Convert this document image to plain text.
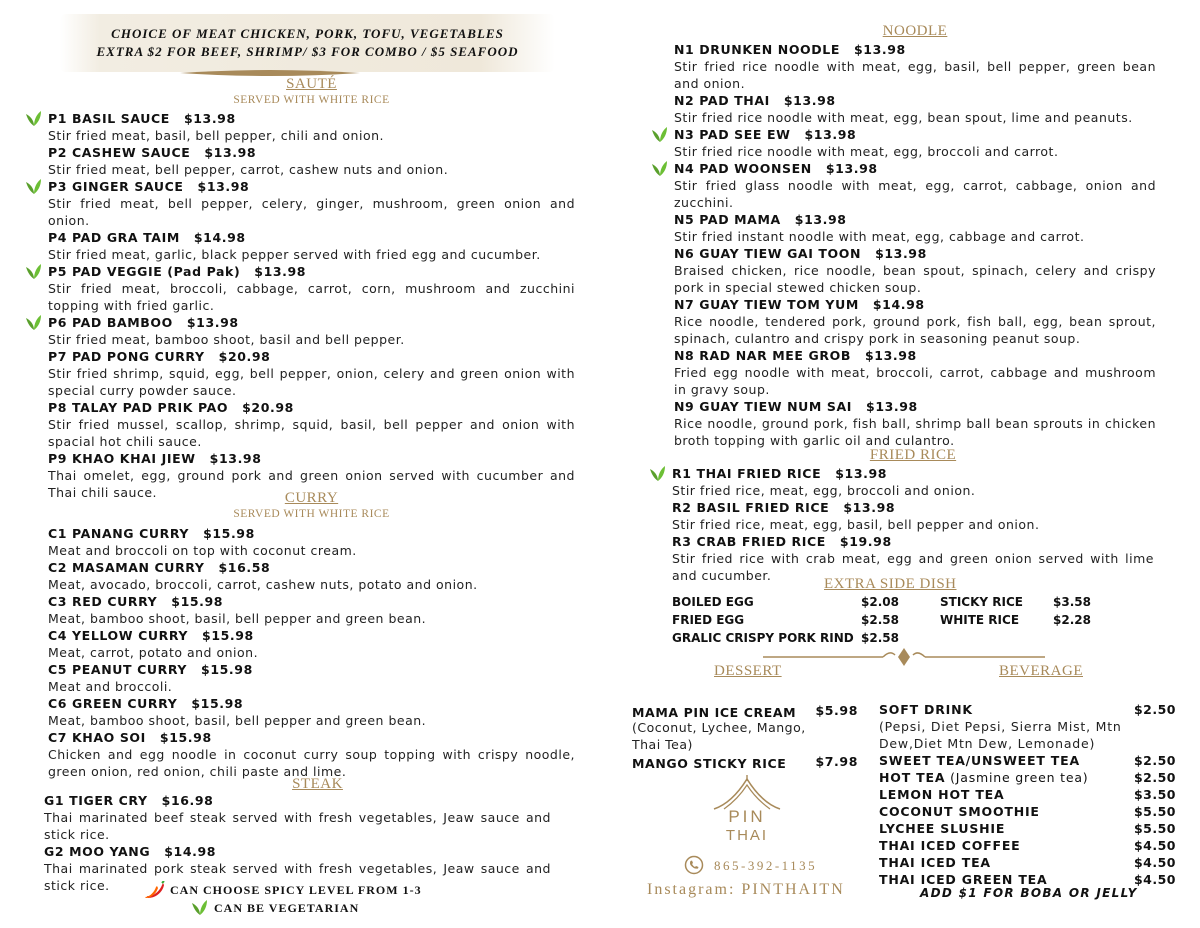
CHOICE OF MEAT CHICKEN, PORK, TOFU, VEGETABLES
EXTRA $2 FOR BEEF, SHRIMP/ $3 FOR COMBO / $5 SEAFOOD
SAUTÉ
SERVED WITH WHITE RICE
P1 BASIL SAUCE $13.98
Stir fried meat, basil, bell pepper, chili and onion.
P2 CASHEW SAUCE $13.98
Stir fried meat, bell pepper, carrot, cashew nuts and onion.
P3 GINGER SAUCE $13.98
Stir fried meat, bell pepper, celery, ginger, mushroom, green onion and onion.
P4 PAD GRA TAIM $14.98
Stir fried meat, garlic, black pepper served with fried egg and cucumber.
P5 PAD VEGGIE (Pad Pak) $13.98
Stir fried meat, broccoli, cabbage, carrot, corn, mushroom and zucchini topping with fried garlic.
P6 PAD BAMBOO $13.98
Stir fried meat, bamboo shoot, basil and bell pepper.
P7 PAD PONG CURRY $20.98
Stir fried shrimp, squid, egg, bell pepper, onion, celery and green onion with special curry powder sauce.
P8 TALAY PAD PRIK PAO $20.98
Stir fried mussel, scallop, shrimp, squid, basil, bell pepper and onion with spacial hot chili sauce.
P9 KHAO KHAI JIEW $13.98
Thai omelet, egg, ground pork and green onion served with cucumber and Thai chili sauce.	CURRY
SERVED WITH WHITE RICE
C1 PANANG CURRY $15.98
Meat and broccoli on top with coconut cream.
C2 MASAMAN CURRY $16.58
Meat, avocado, broccoli, carrot, cashew nuts, potato and onion.
C3 RED CURRY $15.98
Meat, bamboo shoot, basil, bell pepper and green bean.
C4 YELLOW CURRY $15.98
Meat, carrot, potato and onion.
C5 PEANUT CURRY $15.98
Meat and broccoli.
C6 GREEN CURRY $15.98
Meat, bamboo shoot, basil, bell pepper and green bean.
C7 KHAO SOI $15.98
Chicken and egg noodle in coconut curry soup topping with crispy noodle, green onion, red onion, chili paste and lime.
STEAK
G1 TIGER CRY $16.98
Thai marinated beef steak served with fresh vegetables, Jeaw sauce and stick rice.
G2 MOO YANG $14.98
Thai marinated pork steak served with fresh vegetables, Jeaw sauce and stick rice.	CAN CHOOSE SPICY LEVEL FROM 1-3
CAN BE VEGETARIAN
NOODLE
N1 DRUNKEN NOODLE $13.98
Stir fried rice noodle with meat, egg, basil, bell pepper, green bean and onion.
N2 PAD THAI $13.98
Stir fried rice noodle with meat, egg, bean spout, lime and peanuts.
N3 PAD SEE EW $13.98
Stir fried rice noodle with meat, egg, broccoli and carrot.
N4 PAD WOONSEN $13.98
Stir fried glass noodle with meat, egg, carrot, cabbage, onion and zucchini.
N5 PAD MAMA $13.98
Stir fried instant noodle with meat, egg, cabbage and carrot.
N6 GUAY TIEW GAI TOON $13.98
Braised chicken, rice noodle, bean spout, spinach, celery and crispy pork in special stewed chicken soup.
N7 GUAY TIEW TOM YUM $14.98
Rice noodle, tendered pork, ground pork, fish ball, egg, bean sprout, spinach, culantro and crispy pork in seasoning peanut soup.
N8 RAD NAR MEE GROB $13.98
Fried egg noodle with meat, broccoli, carrot, cabbage and mushroom in gravy soup.
N9 GUAY TIEW NUM SAI $13.98
Rice noodle, ground pork, fish ball, shrimp ball bean sprouts in chicken broth topping with garlic oil and culantro.
FRIED RICE
R1 THAI FRIED RICE $13.98
Stir fried rice, meat, egg, broccoli and onion.
R2 BASIL FRIED RICE $13.98
Stir fried rice, meat, egg, basil, bell pepper and onion.
R3 CRAB FRIED RICE $19.98
Stir fried rice with crab meat, egg and green onion served with lime and cucumber.
EXTRA SIDE DISH
BOILED EGG	$2.08
FRIED EGG	$2.58
GRALIC CRISPY PORK RIND $2.58
STICKY RICE	$3.58
WHITE RICE	$2.28
DESSERT
MAMA PIN ICE CREAM $5.98
(Coconut, Lychee, Mango, Thai Tea)
MANGO STICKY RICE $7.98
PIN
THAI
865-392-1135
Instagram: PINTHAITN
BEVERAGE
SOFT DRINK	$2.50
(Pepsi, Diet Pepsi, Sierra Mist, Mtn Dew,Diet Mtn Dew, Lemonade)
SWEET TEA/UNSWEET TEA	$2.50
HOT TEA (Jasmine green tea)	$2.50
LEMON HOT TEA	$3.50
COCONUT SMOOTHIE	$5.50
LYCHEE SLUSHIE	$5.50
THAI ICED COFFEE	$4.50
THAI ICED TEA	$4.50
THAI ICED GREEN TEA	$4.50
ADD $1 FOR BOBA OR JELLY
